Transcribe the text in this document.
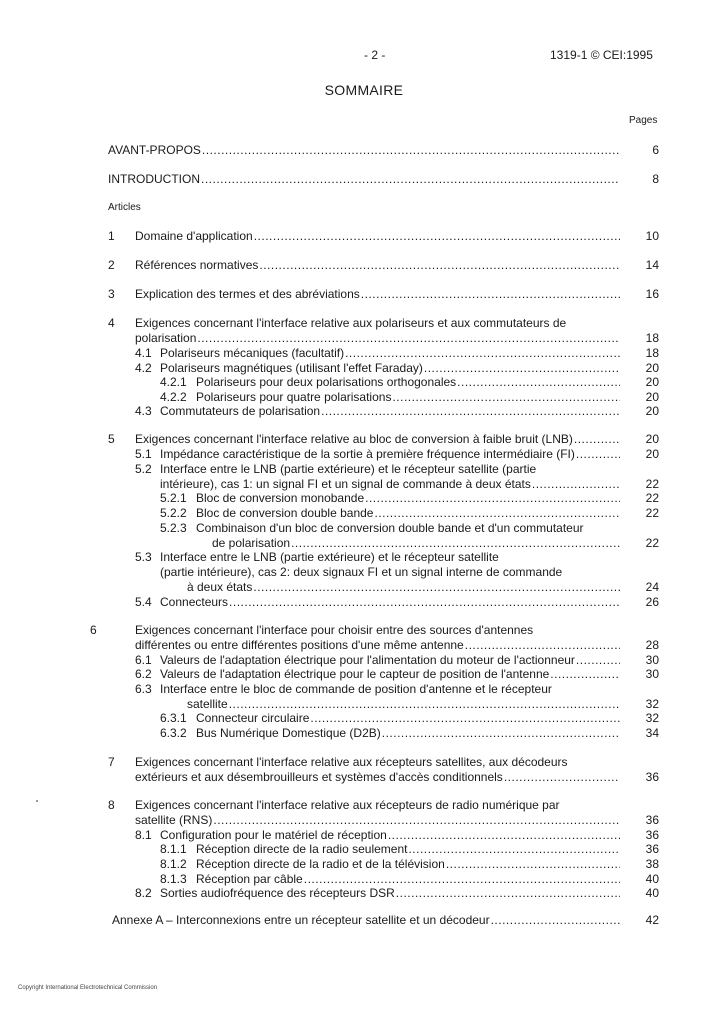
- 2 -	1319-1 © CEI:1995
SOMMAIRE
Pages
Articles
AVANT-PROPOS .....	6
INTRODUCTION .....	8
1 Domaine d'application .....	10
2 Références normatives .....	14
3 Explication des termes et des abréviations .....	16
4 Exigences concernant l'interface relative aux polariseurs et aux commutateurs de
polarisation .....	18
4.1 Polariseurs mécaniques (facultatif) .....	18
4.2 Polariseurs magnétiques (utilisant l'effet Faraday) .....	20
4.2.1 Polariseurs pour deux polarisations orthogonales .....	20
4.2.2 Polariseurs pour quatre polarisations .....	20
4.3 Commutateurs de polarisation .....	20
5 Exigences concernant l'interface relative au bloc de conversion à faible bruit (LNB) .....	20
5.1 Impédance caractéristique de la sortie à première fréquence intermédiaire (FI) .....	20
5.2 Interface entre le LNB (partie extérieure) et le récepteur satellite (partie
intérieure), cas 1: un signal FI et un signal de commande à deux états .....	22
5.2.1 Bloc de conversion monobande .....	22
5.2.2 Bloc de conversion double bande .....	22
5.2.3 Combinaison d'un bloc de conversion double bande et d'un commutateur
de polarisation .....	22
5.3 Interface entre le LNB (partie extérieure) et le récepteur satellite
(partie intérieure), cas 2: deux signaux FI et un signal interne de commande
à deux états .....	24
5.4 Connecteurs .....	26
6	Exigences concernant l'interface pour choisir entre des sources d'antennes
différentes ou entre différentes positions d'une même antenne .....	28
6.1 Valeurs de l'adaptation électrique pour l'alimentation du moteur de l'actionneur .....	30
6.2 Valeurs de l'adaptation électrique pour le capteur de position de l'antenne .....	30
6.3 Interface entre le bloc de commande de position d'antenne et le récepteur
satellite .....	32
6.3.1 Connecteur circulaire .....	32
6.3.2 Bus Numérique Domestique (D2B) .....	34
7 Exigences concernant l'interface relative aux récepteurs satellites, aux décodeurs
extérieurs et aux désembrouilleurs et systèmes d'accès conditionnels .....	36
8 Exigences concernant l'interface relative aux récepteurs de radio numérique par
satellite (RNS) .....	36
8.1 Configuration pour le matériel de réception .....	36
8.1.1 Réception directe de la radio seulement .....	36
8.1.2 Réception directe de la radio et de la télévision .....	38
8.1.3 Réception par câble .....	40
8.2 Sorties audiofréquence des récepteurs DSR .....	40
Annexe A – Interconnexions entre un récepteur satellite et un décodeur .....	42
Copyright International Electrotechnical Commission
